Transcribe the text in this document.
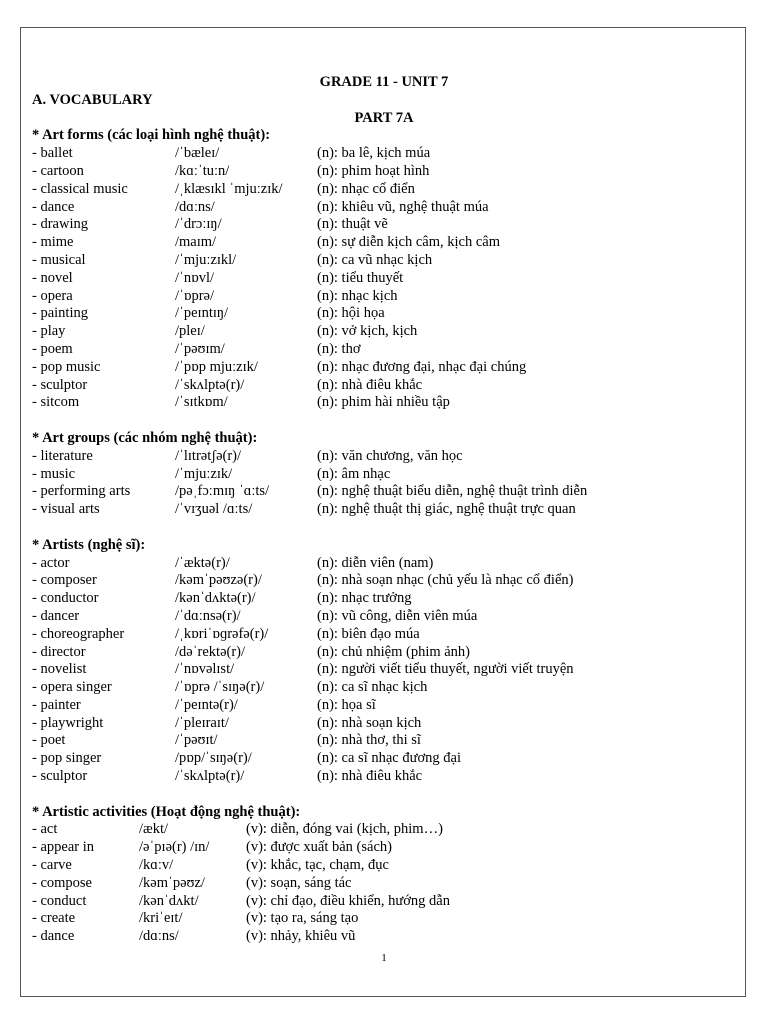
GRADE 11 - UNIT 7
A. VOCABULARY
PART 7A
* Art forms (các loại hình nghệ thuật):
- ballet	/ˈbæleɪ/	(n): ba lê, kịch múa
- cartoon	/kɑːˈtuːn/	(n): phim hoạt hình
- classical music	/ˌklæsɪkl ˈmjuːzɪk/ (n): nhạc cổ điển
- dance	/dɑːns/	(n): khiêu vũ, nghệ thuật múa
- drawing	/ˈdrɔːɪŋ/	(n): thuật vẽ
- mime	/maɪm/	(n): sự diễn kịch câm, kịch câm
- musical	/ˈmjuːzɪkl/	(n): ca vũ nhạc kịch
- novel	/ˈnɒvl/	(n): tiểu thuyết
- opera	/ˈɒprə/	(n): nhạc kịch
- painting	/ˈpeɪntɪŋ/	(n): hội họa
- play	/pleɪ/	(n): vở kịch, kịch
- poem	/ˈpəʊɪm/	(n): thơ
- pop music	/ˈpɒp mjuːzɪk/	(n): nhạc đương đại, nhạc đại chúng
- sculptor	/ˈskʌlptə(r)/	(n): nhà điêu khắc
- sitcom	/ˈsɪtkɒm/	(n): phim hài nhiều tập
* Art groups (các nhóm nghệ thuật):
- literature	/ˈlɪtrətʃə(r)/	(n): văn chương, văn học
- music	/ˈmjuːzɪk/	(n): âm nhạc
- performing arts	/pəˌfɔːmɪŋ ˈɑːts/	(n): nghệ thuật biểu diễn, nghệ thuật trình diễn
- visual arts	/ˈvɪʒuəl /ɑːts/	(n): nghệ thuật thị giác, nghệ thuật trực quan
* Artists (nghệ sĩ):
- actor	/ˈæktə(r)/	(n): diễn viên (nam)
- composer	/kəmˈpəʊzə(r)/	(n): nhà soạn nhạc (chủ yếu là nhạc cổ điển)
- conductor	/kənˈdʌktə(r)/	(n): nhạc trưởng
- dancer	/ˈdɑːnsə(r)/	(n): vũ công, diễn viên múa
- choreographer	/ˌkɒriˈɒɡrəfə(r)/	(n): biên đạo múa
- director	/dəˈrektə(r)/	(n): chủ nhiệm (phim ảnh)
- novelist	/ˈnɒvəlɪst/	(n): người viết tiểu thuyết, người viết truyện
- opera singer	/ˈɒprə /ˈsɪŋə(r)/	(n): ca sĩ nhạc kịch
- painter	/ˈpeɪntə(r)/	(n): họa sĩ
- playwright	/ˈpleɪraɪt/	(n): nhà soạn kịch
- poet	/ˈpəʊɪt/	(n): nhà thơ, thi sĩ
- pop singer	/pɒp/ˈsɪŋə(r)/	(n): ca sĩ nhạc đương đại
- sculptor	/ˈskʌlptə(r)/	(n): nhà điêu khắc
* Artistic activities (Hoạt động nghệ thuật):
- act	/ækt/	(v): diễn, đóng vai (kịch, phim…)
- appear in	/əˈpɪə(r) /ɪn/	(v): được xuất bản (sách)
- carve	/kɑːv/	(v): khắc, tạc, chạm, đục
- compose	/kəmˈpəʊz/	(v): soạn, sáng tác
- conduct	/kənˈdʌkt/	(v): chỉ đạo, điều khiển, hướng dẫn
- create	/kriˈeɪt/	(v): tạo ra, sáng tạo
- dance	/dɑːns/	(v): nhảy, khiêu vũ
1
